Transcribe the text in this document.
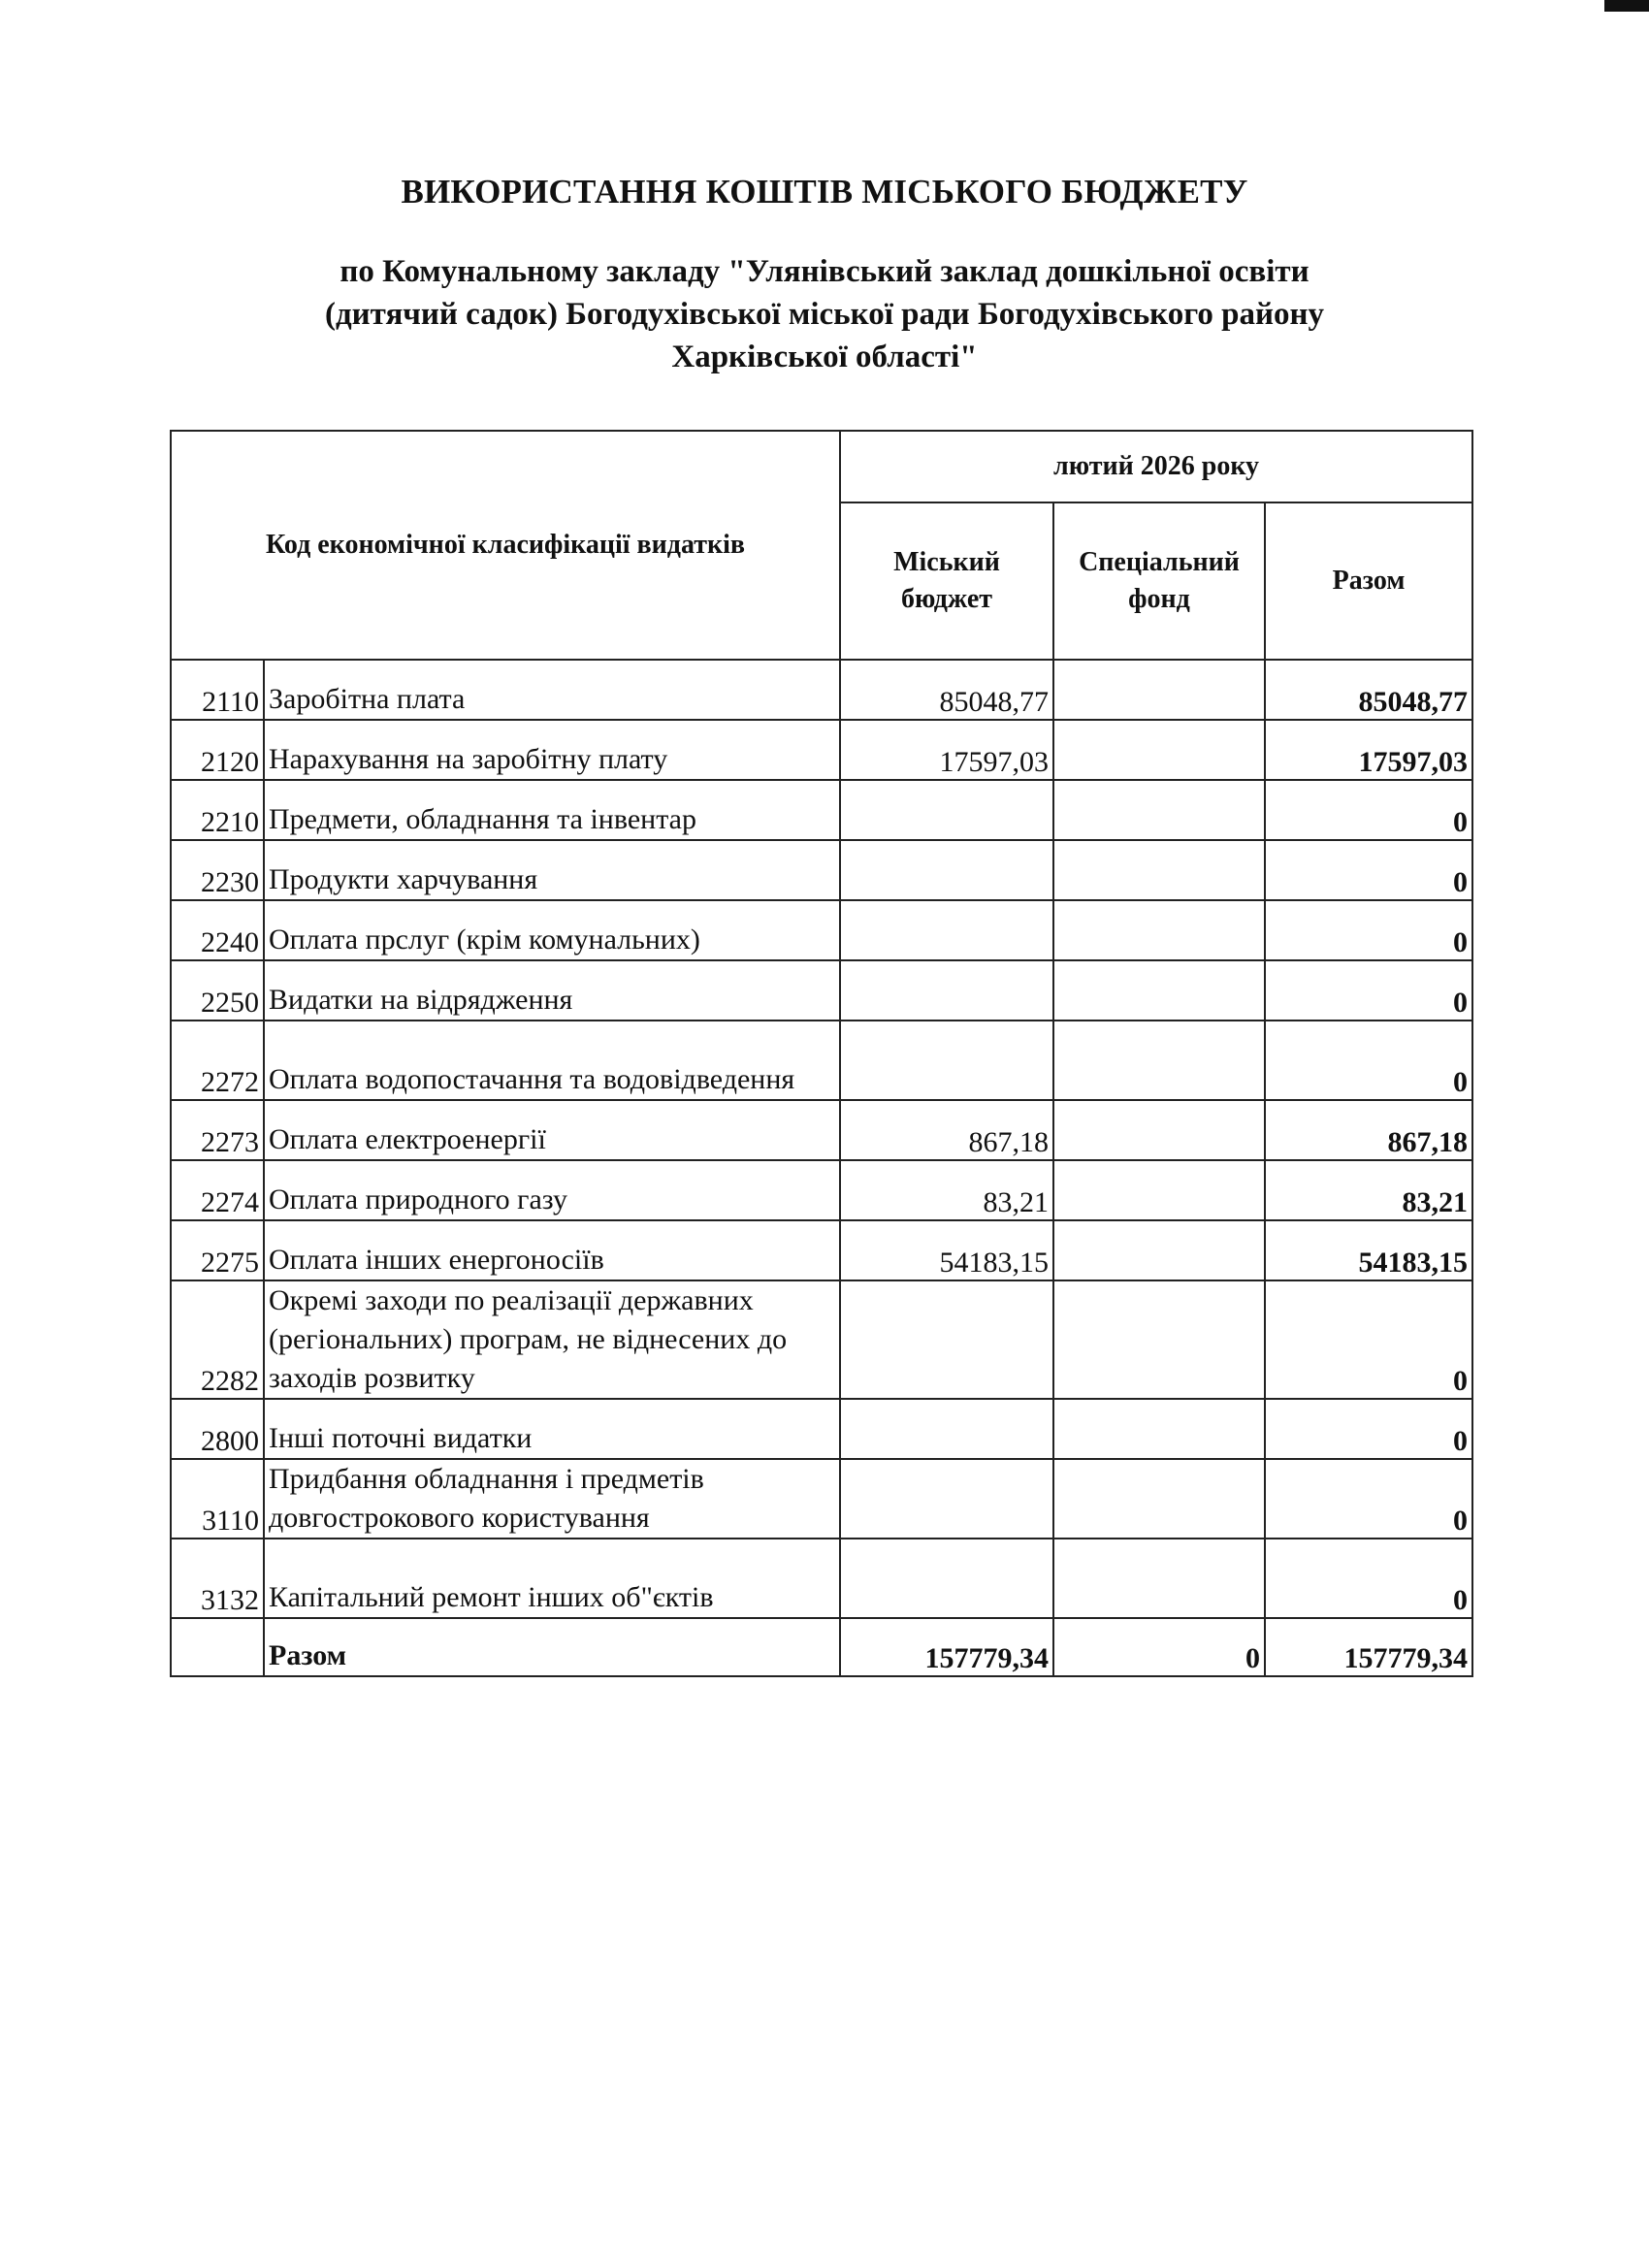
ВИКОРИСТАННЯ КОШТІВ МІСЬКОГО БЮДЖЕТУ
по Комунальному закладу "Улянівський заклад дошкільної освіти
(дитячий садок) Богодухівської міської ради Богодухівського району
Харківської області"
Код економічної класифікації видатків		лютий 2026 року		
		Міський бюджет	Спеціальний фонд	Разом
2110	Заробітна плата	85048,77		85048,77
2120	Нарахування на заробітну плату	17597,03		17597,03
2210	Предмети, обладнання та інвентар			0
2230	Продукти харчування			0
2240	Оплата прслуг (крім комунальних)			0
2250	Видатки на відрядження			0
2272	Оплата водопостачання та водовідведення			0
2273	Оплата електроенергії	867,18		867,18
2274	Оплата природного газу	83,21		83,21
2275	Оплата інших енергоносіїв	54183,15		54183,15
2282	Окремі заходи по реалізації державних (регіональних) програм, не віднесених до заходів розвитку			0
2800	Інші поточні видатки			0
3110	Придбання обладнання і предметів довгострокового користування			0
3132	Капітальний ремонт інших об"єктів			0
	Разом	157779,34	0	157779,34
